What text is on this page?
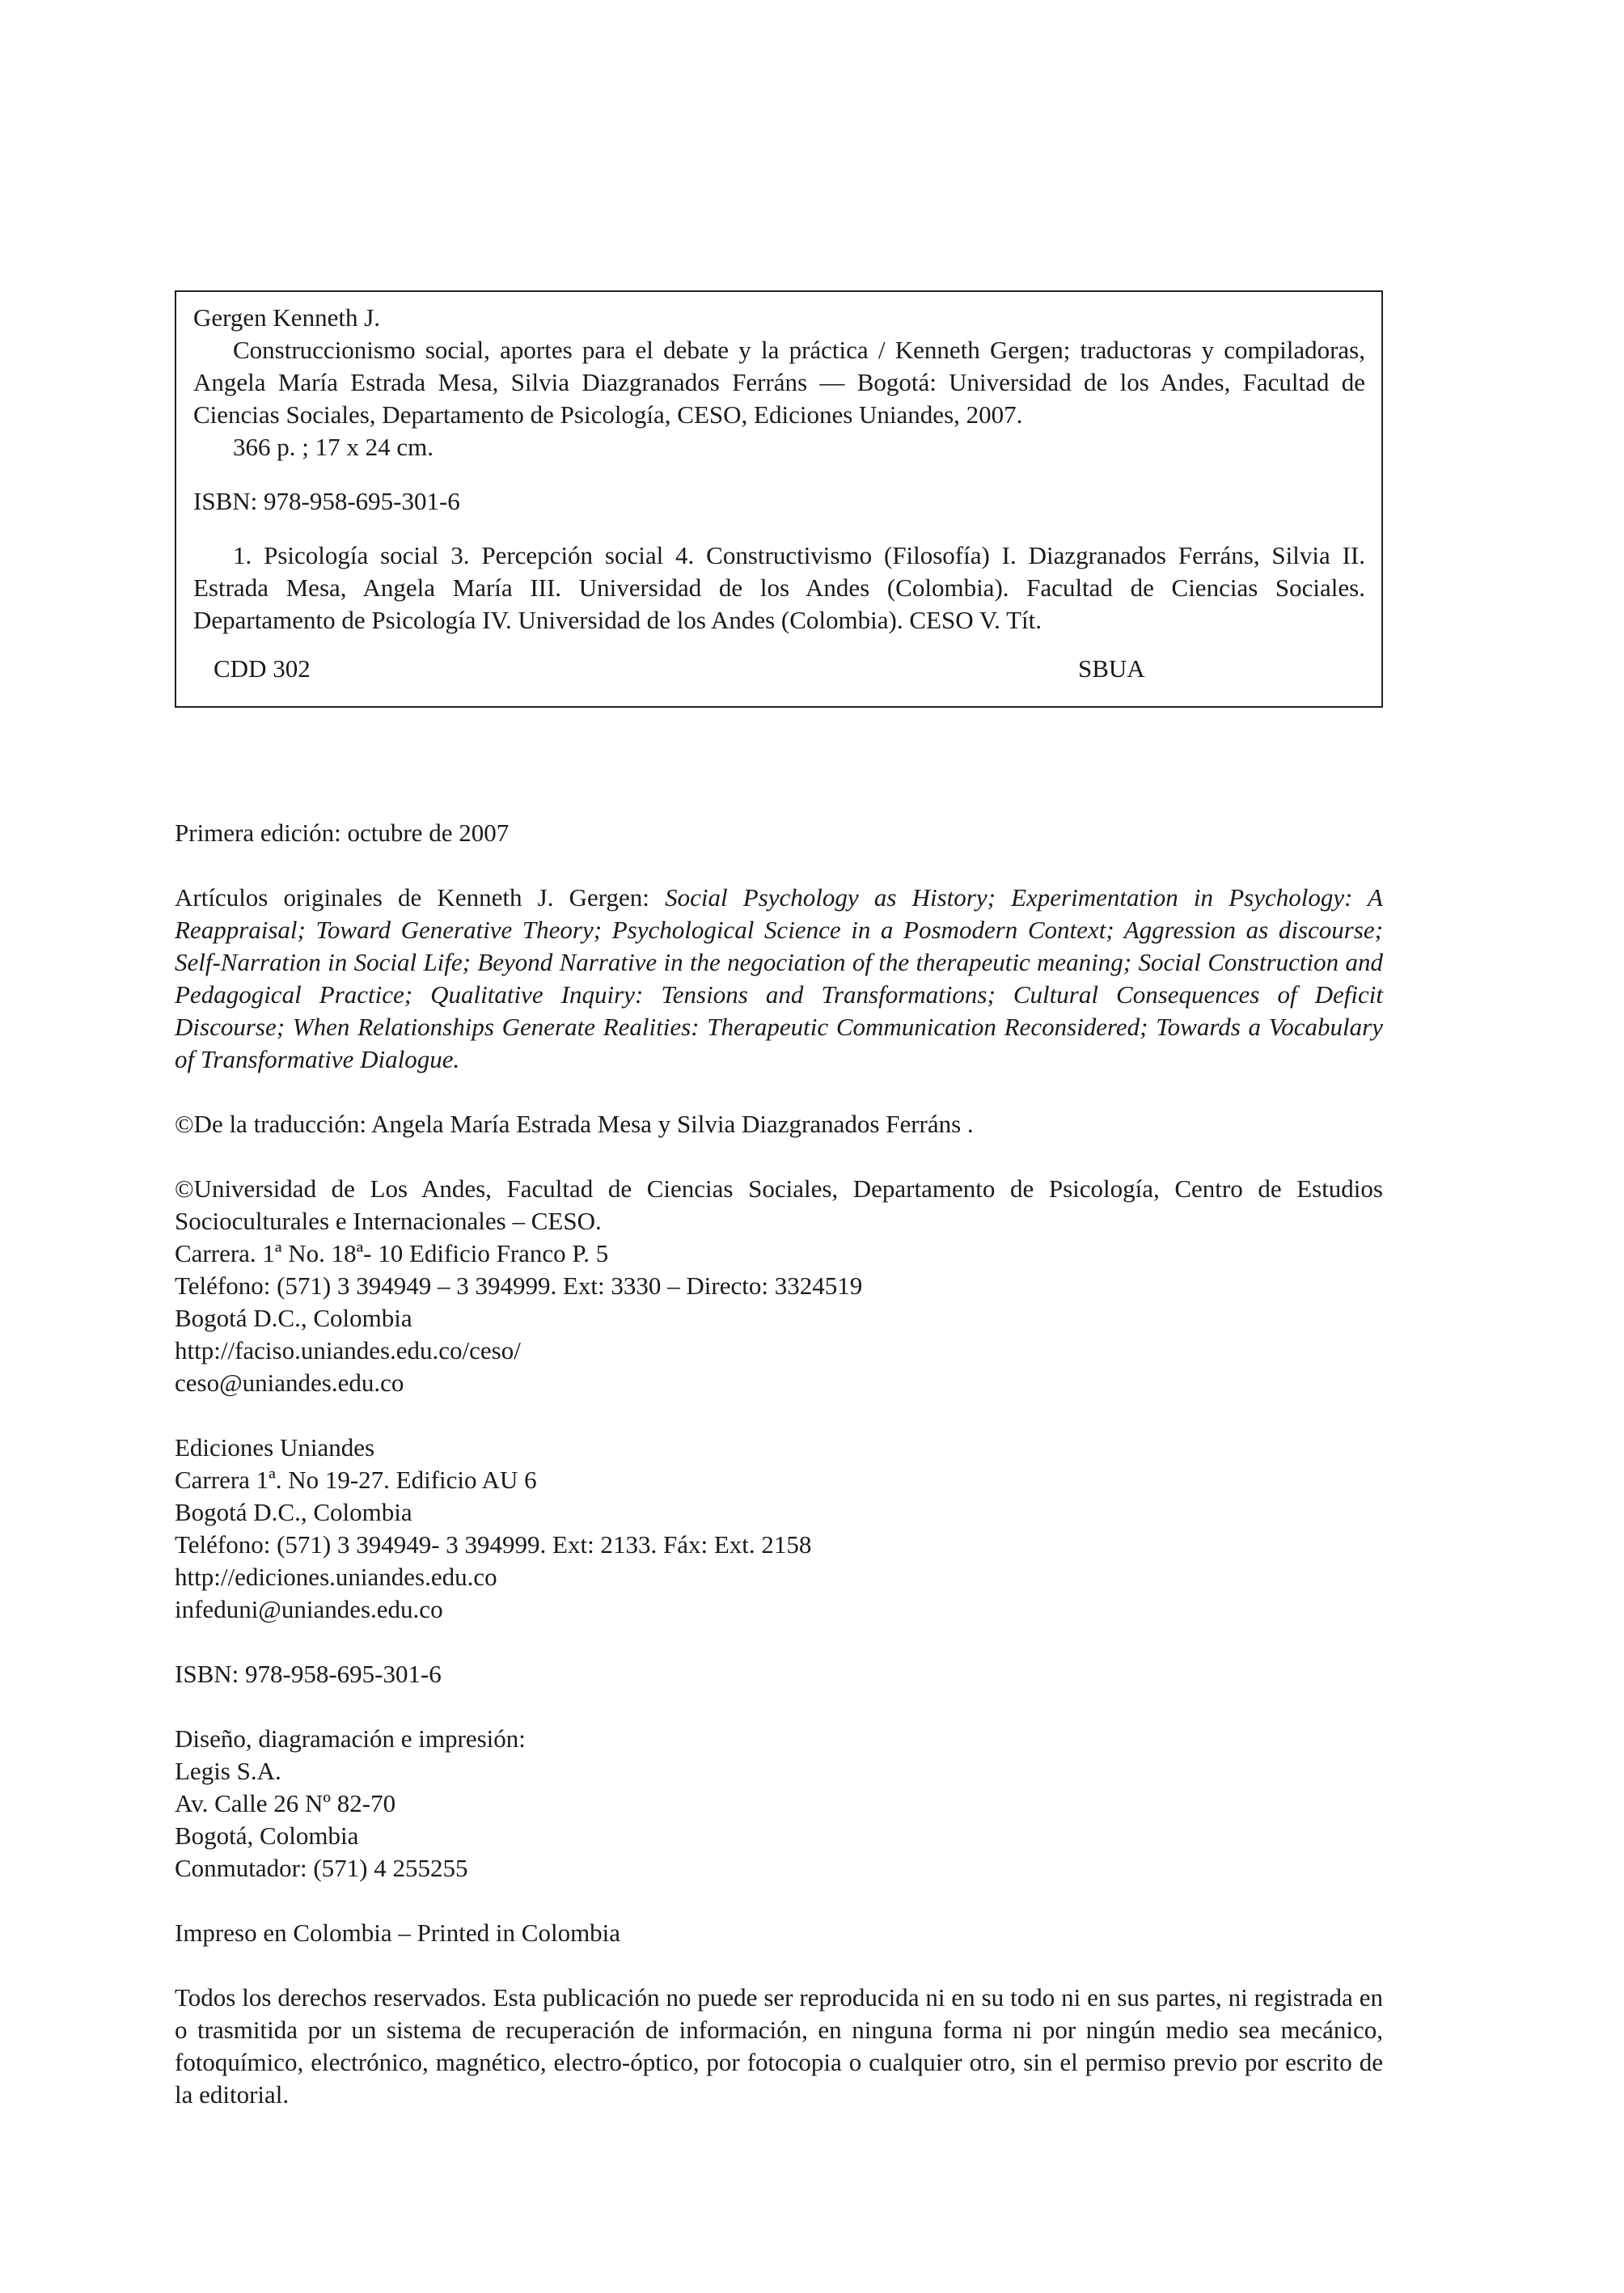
Gergen Kenneth J.

Construccionismo social, aportes para el debate y la práctica / Kenneth Gergen; traductoras y compiladoras, Angela María Estrada Mesa, Silvia Diazgranados Ferráns — Bogotá: Universidad de los Andes, Facultad de Ciencias Sociales, Departamento de Psicología, CESO, Ediciones Uniandes, 2007.

366 p. ; 17 x 24 cm.

ISBN: 978-958-695-301-6

1. Psicología social 3. Percepción social 4. Constructivismo (Filosofía) I. Diazgranados Ferráns, Silvia II. Estrada Mesa, Angela María III. Universidad de los Andes (Colombia). Facultad de Ciencias Sociales. Departamento de Psicología IV. Universidad de los Andes (Colombia). CESO V. Tít.

CDD 302	SBUA

Primera edición: octubre de 2007

Artículos originales de Kenneth J. Gergen: Social Psychology as History; Experimentation in Psychology: A Reappraisal; Toward Generative Theory; Psychological Science in a Posmodern Context; Aggression as discourse; Self-Narration in Social Life; Beyond Narrative in the negociation of the therapeutic meaning; Social Construction and Pedagogical Practice; Qualitative Inquiry: Tensions and Transformations; Cultural Consequences of Deficit Discourse; When Relationships Generate Realities: Therapeutic Communication Reconsidered; Towards a Vocabulary of Transformative Dialogue.

©De la traducción: Angela María Estrada Mesa y Silvia Diazgranados Ferráns .

©Universidad de Los Andes, Facultad de Ciencias Sociales, Departamento de Psicología, Centro de Estudios Socioculturales e Internacionales – CESO.

Carrera. 1ª No. 18ª- 10 Edificio Franco P. 5

Teléfono: (571) 3 394949 – 3 394999. Ext: 3330 – Directo: 3324519

Bogotá D.C., Colombia

http://faciso.uniandes.edu.co/ceso/

ceso@uniandes.edu.co

Ediciones Uniandes

Carrera 1ª. No 19-27. Edificio AU 6

Bogotá D.C., Colombia

Teléfono: (571) 3 394949- 3 394999. Ext: 2133. Fáx: Ext. 2158

http://ediciones.uniandes.edu.co

infeduni@uniandes.edu.co

ISBN: 978-958-695-301-6

Diseño, diagramación e impresión:

Legis S.A.

Av. Calle 26 Nº 82-70

Bogotá, Colombia

Conmutador: (571) 4 255255

Impreso en Colombia – Printed in Colombia

Todos los derechos reservados. Esta publicación no puede ser reproducida ni en su todo ni en sus partes, ni registrada en o trasmitida por un sistema de recuperación de información, en ninguna forma ni por ningún medio sea mecánico, fotoquímico, electrónico, magnético, electro-óptico, por fotocopia o cualquier otro, sin el permiso previo por escrito de la editorial.
